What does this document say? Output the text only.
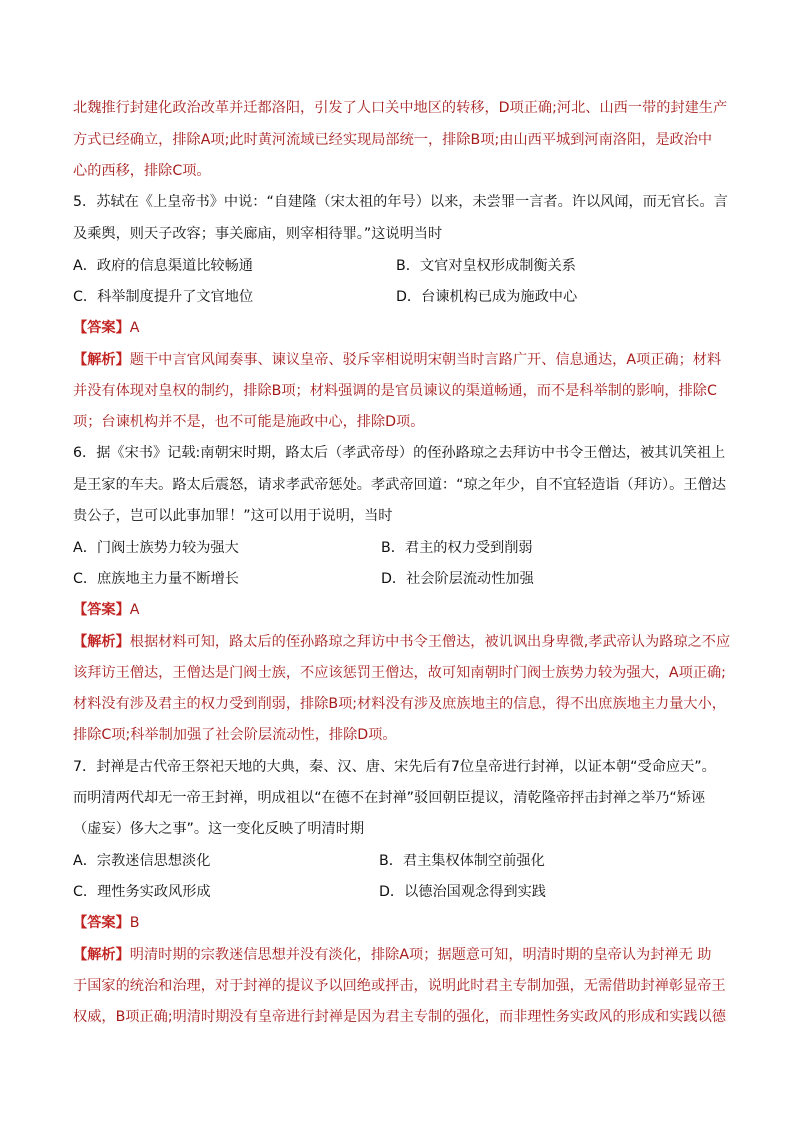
北魏推行封建化政治改革并迁都洛阳，引发了人口关中地区的转移，D项正确;河北、山西一带的封建生产
方式已经确立，排除A项;此时黄河流域已经实现局部统一，排除B项;由山西平城到河南洛阳，是政治中
心的西移，排除C项。
5．苏轼在《上皇帝书》中说：“自建隆（宋太祖的年号）以来，未尝罪一言者。许以风闻，而无官长。言
及乘舆，则天子改容；事关廊庙，则宰相待罪。”这说明当时
A．政府的信息渠道比较畅通	B．文官对皇权形成制衡关系
C．科举制度提升了文官地位	D．台谏机构已成为施政中心
【答案】A
【解析】题干中言官风闻奏事、谏议皇帝、驳斥宰相说明宋朝当时言路广开、信息通达，A项正确；材料
并没有体现对皇权的制约，排除B项；材料强调的是官员谏议的渠道畅通，而不是科举制的影响，排除C
项；台谏机构并不是，也不可能是施政中心，排除D项。
6．据《宋书》记载:南朝宋时期，路太后（孝武帝母）的侄孙路琼之去拜访中书令王僧达，被其讥笑祖上
是王家的车夫。路太后震怒，请求孝武帝惩处。孝武帝回道：“琼之年少，自不宜轻造诣（拜访）。王僧达
贵公子，岂可以此事加罪！”这可以用于说明，当时
A．门阀士族势力较为强大	B．君主的权力受到削弱
C．庶族地主力量不断增长	D．社会阶层流动性加强
【答案】A
【解析】根据材料可知，路太后的侄孙路琼之拜访中书令王僧达，被讥讽出身卑微,孝武帝认为路琼之不应
该拜访王僧达，王僧达是门阀士族，不应该惩罚王僧达，故可知南朝时门阀士族势力较为强大，A项正确;
材料没有涉及君主的权力受到削弱，排除B项;材料没有涉及庶族地主的信息，得不出庶族地主力量大小，
排除C项;科举制加强了社会阶层流动性，排除D项。
7．封禅是古代帝王祭祀天地的大典，秦、汉、唐、宋先后有7位皇帝进行封禅，以证本朝“受命应天”。
而明清两代却无一帝王封禅，明成祖以“在德不在封禅”驳回朝臣提议，清乾隆帝抨击封禅之举乃“矫诬
（虚妄）侈大之事”。这一变化反映了明清时期
A．宗教迷信思想淡化	B．君主集权体制空前强化
C．理性务实政风形成	D．以德治国观念得到实践
【答案】B
【解析】明清时期的宗教迷信思想并没有淡化，排除A项；据题意可知，明清时期的皇帝认为封禅无 助
于国家的统治和治理，对于封禅的提议予以回绝或抨击，说明此时君主专制加强，无需借助封禅彰显帝王
权威，B项正确;明清时期没有皇帝进行封禅是因为君主专制的强化，而非理性务实政风的形成和实践以德
